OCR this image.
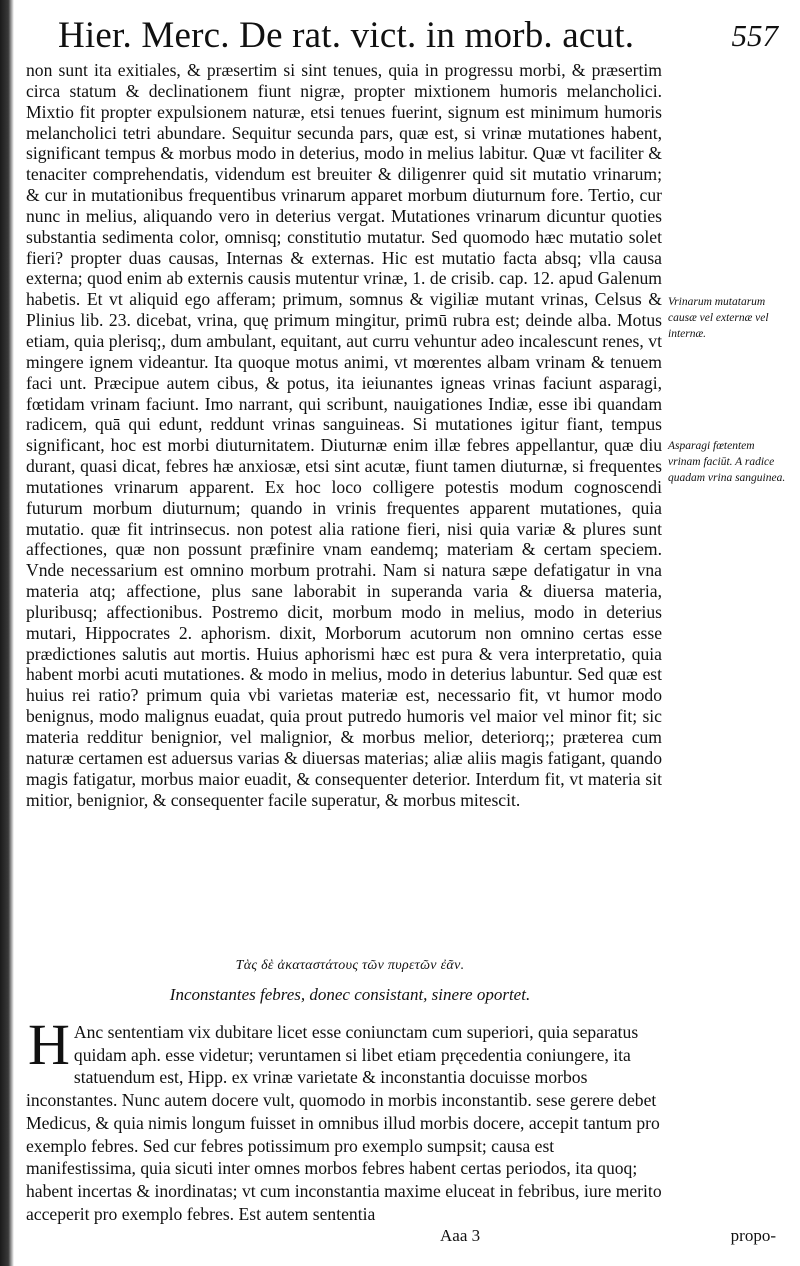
Hier. Merc. De rat. vict. in morb. acut.	557
non sunt ita exitiales, & præsertim si sint tenues, quia in progressu morbi, & præsertim circa statum & declinationem fiunt nigræ, propter mixtionem humoris melancholici. Mixtio fit propter expulsionem naturæ, etsi tenues fuerint, signum est minimum humoris melancholici tetri abundare. Sequitur secunda pars, quæ est, si vrinæ mutationes habent, significant tempus & morbus modo in deterius, modo in melius labitur. Quæ vt faciliter & tenaciter comprehendatis, videndum est breuiter & diligenrer quid sit mutatio vrinarum; & cur in mutationibus frequentibus vrinarum apparet morbum diuturnum fore. Tertio, cur nunc in melius, aliquando vero in deterius vergat. Mutationes vrinarum dicuntur quoties substantia sedimenta color, omnisq; constitutio mutatur. Sed quomodo hæc mutatio solet fieri? propter duas causas, Internas & externas. Hic est mutatio facta absq; vlla causa externa; quod enim ab externis causis mutentur vrinæ, 1. de crisib. cap. 12. apud Galenum habetis. Et vt aliquid ego afferam; primum, somnus & vigiliæ mutant vrinas, Celsus & Plinius lib. 23. dicebat, vrina, quę primum mingitur, primū rubra est; deinde alba. Motus etiam, quia plerisq;, dum ambulant, equitant, aut curru vehuntur adeo incalescunt renes, vt mingere ignem videantur. Ita quoque motus animi, vt mœrentes albam vrinam & tenuem faci unt. Præcipue autem cibus, & potus, ita ieiunantes igneas vrinas faciunt asparagi, fœtidam vrinam faciunt. Imo narrant, qui scribunt, nauigationes Indiæ, esse ibi quandam radicem, quā qui edunt, reddunt vrinas sanguineas. Si mutationes igitur fiant, tempus significant, hoc est morbi diuturnitatem. Diuturnæ enim illæ febres appellantur, quæ diu durant, quasi dicat, febres hæ anxiosæ, etsi sint acutæ, fiunt tamen diuturnæ, si frequentes mutationes vrinarum apparent. Ex hoc loco colligere potestis modum cognoscendi futurum morbum diuturnum; quando in vrinis frequentes apparent mutationes, quia mutatio. quæ fit intrinsecus. non potest alia ratione fieri, nisi quia variæ & plures sunt affectiones, quæ non possunt præfinire vnam eandemq; materiam & certam speciem. Vnde necessarium est omnino morbum protrahi. Nam si natura sæpe defatigatur in vna materia atq; affectione, plus sane laborabit in superanda varia & diuersa materia, pluribusq; affectionibus. Postremo dicit, morbum modo in melius, modo in deterius mutari, Hippocrates 2. aphorism. dixit, Morborum acutorum non omnino certas esse prædictiones salutis aut mortis. Huius aphorismi hæc est pura & vera interpretatio, quia habent morbi acuti mutationes. & modo in melius, modo in deterius labuntur. Sed quæ est huius rei ratio? primum quia vbi varietas materiæ est, necessario fit, vt humor modo benignus, modo malignus euadat, quia prout putredo humoris vel maior vel minor fit; sic materia redditur benignior, vel malignior, & morbus melior, deteriorq;; præterea cum naturæ certamen est aduersus varias & diuersas materias; aliæ aliis magis fatigant, quando magis fatigatur, morbus maior euadit, & consequenter deterior. Interdum fit, vt materia sit mitior, benignior, & consequenter facile superatur, & morbus mitescit.
Vrinarum mutatarum causæ vel externæ vel internæ.
Asparagi fœtentem vrinam faciūt. A radice quadam vrina sanguinea.
Τὰς δὲ ἀκαταστάτους τῶν πυρετῶν ἐᾶν.
Inconstantes febres, donec consistant, sinere oportet.
H Anc sententiam vix dubitare licet esse coniunctam cum superiori, quia separatus quidam aph. esse videtur; veruntamen si libet etiam pręcedentia coniungere, ita statuendum est, Hipp. ex vrinæ varietate & inconstantia docuisse morbos inconstantes. Nunc autem docere vult, quomodo in morbis inconstantib. sese gerere debet Medicus, & quia nimis longum fuisset in omnibus illud morbis docere, accepit tantum pro exemplo febres. Sed cur febres potissimum pro exemplo sumpsit; causa est manifestissima, quia sicuti inter omnes morbos febres habent certas periodos, ita quoq; habent incertas & inordinatas; vt cum inconstantia maxime eluceat in febribus, iure merito acceperit pro exemplo febres. Est autem sententia
Aaa 3	propo-
